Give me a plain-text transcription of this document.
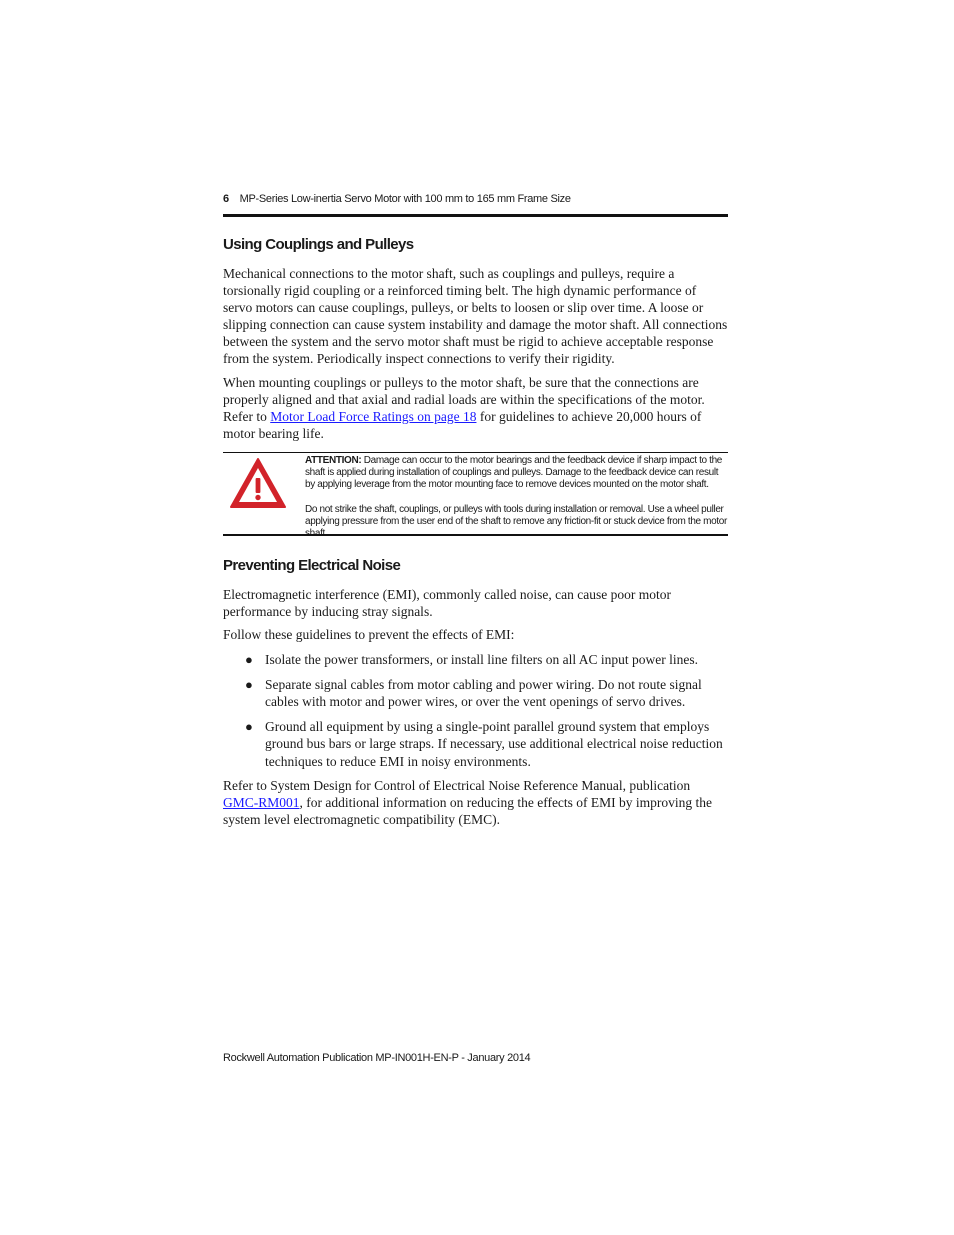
6 MP-Series Low-inertia Servo Motor with 100 mm to 165 mm Frame Size
Using Couplings and Pulleys

Mechanical connections to the motor shaft, such as couplings and pulleys, require a torsionally rigid coupling or a reinforced timing belt. The high dynamic performance of servo motors can cause couplings, pulleys, or belts to loosen or slip over time. A loose or slipping connection can cause system instability and damage the motor shaft. All connections between the system and the servo motor shaft must be rigid to achieve acceptable response from the system. Periodically inspect connections to verify their rigidity.

When mounting couplings or pulleys to the motor shaft, be sure that the connections are properly aligned and that axial and radial loads are within the specifications of the motor. Refer to Motor Load Force Ratings on page 18 for guidelines to achieve 20,000 hours of motor bearing life.

ATTENTION: Damage can occur to the motor bearings and the feedback device if sharp impact to the shaft is applied during installation of couplings and pulleys. Damage to the feedback device can result by applying leverage from the motor mounting face to remove devices mounted on the motor shaft.

Do not strike the shaft, couplings, or pulleys with tools during installation or removal. Use a wheel puller applying pressure from the user end of the shaft to remove any friction-fit or stuck device from the motor

Preventing Electrical Noise

Electromagnetic interference (EMI), commonly called noise, can cause poor motor performance by inducing stray signals.

Follow these guidelines to prevent the effects of EMI:

● Isolate the power transformers, or install line filters on all AC input power lines.
● Separate signal cables from motor cabling and power wiring. Do not route signal cables with motor and power wires, or over the vent openings of servo drives.
● Ground all equipment by using a single-point parallel ground system that employs ground bus bars or large straps. If necessary, use additional electrical noise reduction techniques to reduce EMI in noisy environments.

Refer to System Design for Control of Electrical Noise Reference Manual, publication GMC-RM001, for additional information on reducing the effects of EMI by improving the system level electromagnetic compatibility (EMC).

Rockwell Automation Publication MP-IN001H-EN-P - January 2014
